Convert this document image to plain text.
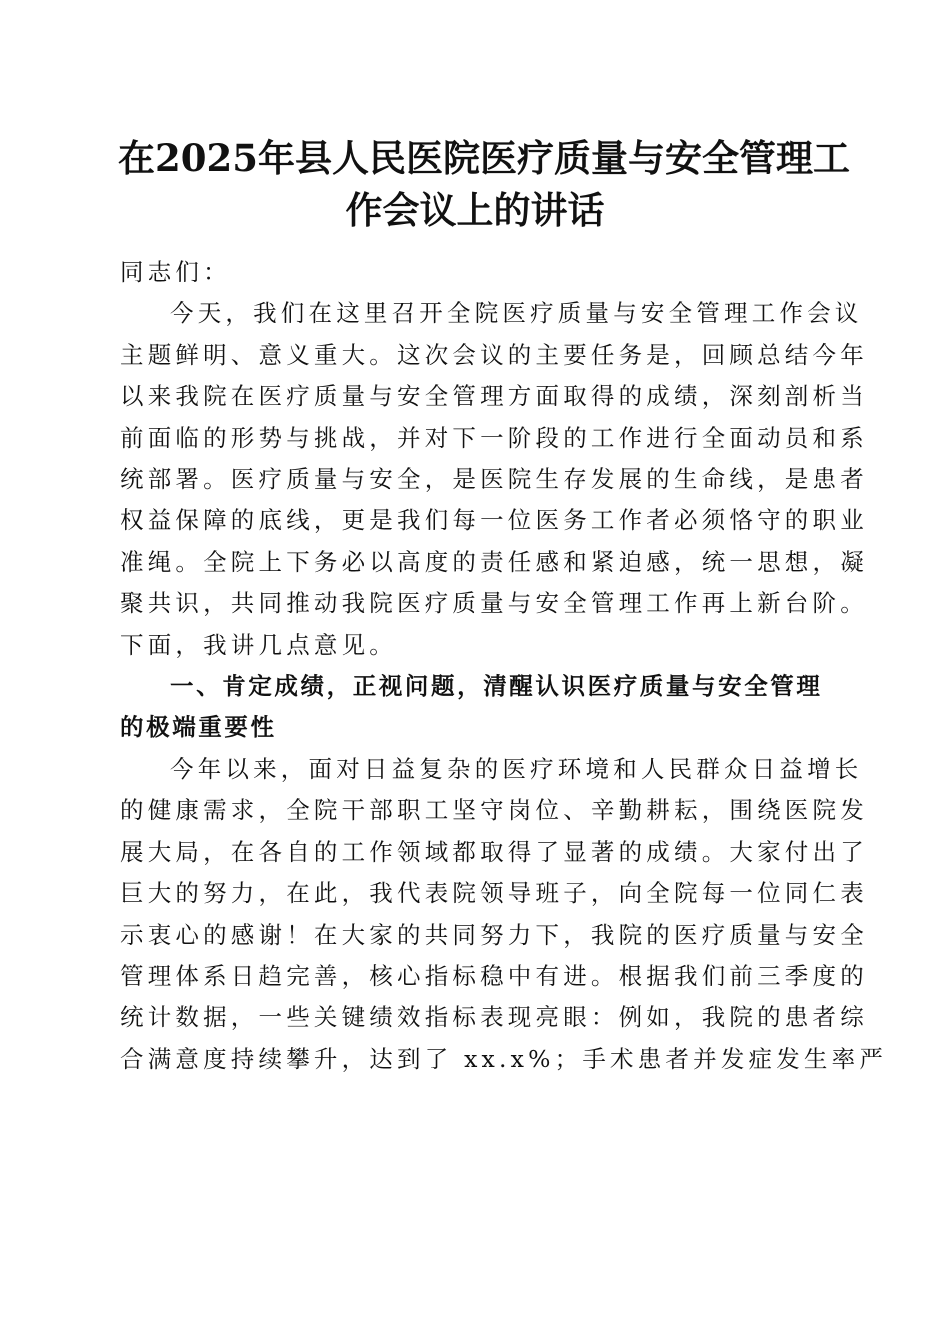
在2025年县人民医院医疗质量与安全管理工
作会议上的讲话

同志们：

今天，我们在这里召开全院医疗质量与安全管理工作会议

主题鲜明、意义重大。这次会议的主要任务是，回顾总结今年

以来我院在医疗质量与安全管理方面取得的成绩，深刻剖析当

前面临的形势与挑战，并对下一阶段的工作进行全面动员和系

统部署。医疗质量与安全，是医院生存发展的生命线，是患者

权益保障的底线，更是我们每一位医务工作者必须恪守的职业

准绳。全院上下务必以高度的责任感和紧迫感，统一思想，凝

聚共识，共同推动我院医疗质量与安全管理工作再上新台阶。

下面，我讲几点意见。

一、肯定成绩，正视问题，清醒认识医疗质量与安全管理

的极端重要性

今年以来，面对日益复杂的医疗环境和人民群众日益增长

的健康需求，全院干部职工坚守岗位、辛勤耕耘，围绕医院发

展大局，在各自的工作领域都取得了显著的成绩。大家付出了

巨大的努力，在此，我代表院领导班子，向全院每一位同仁表

示衷心的感谢！在大家的共同努力下，我院的医疗质量与安全

管理体系日趋完善，核心指标稳中有进。根据我们前三季度的

统计数据，一些关键绩效指标表现亮眼：例如，我院的患者综

合满意度持续攀升，达到了 xx.x%；手术患者并发症发生率严
